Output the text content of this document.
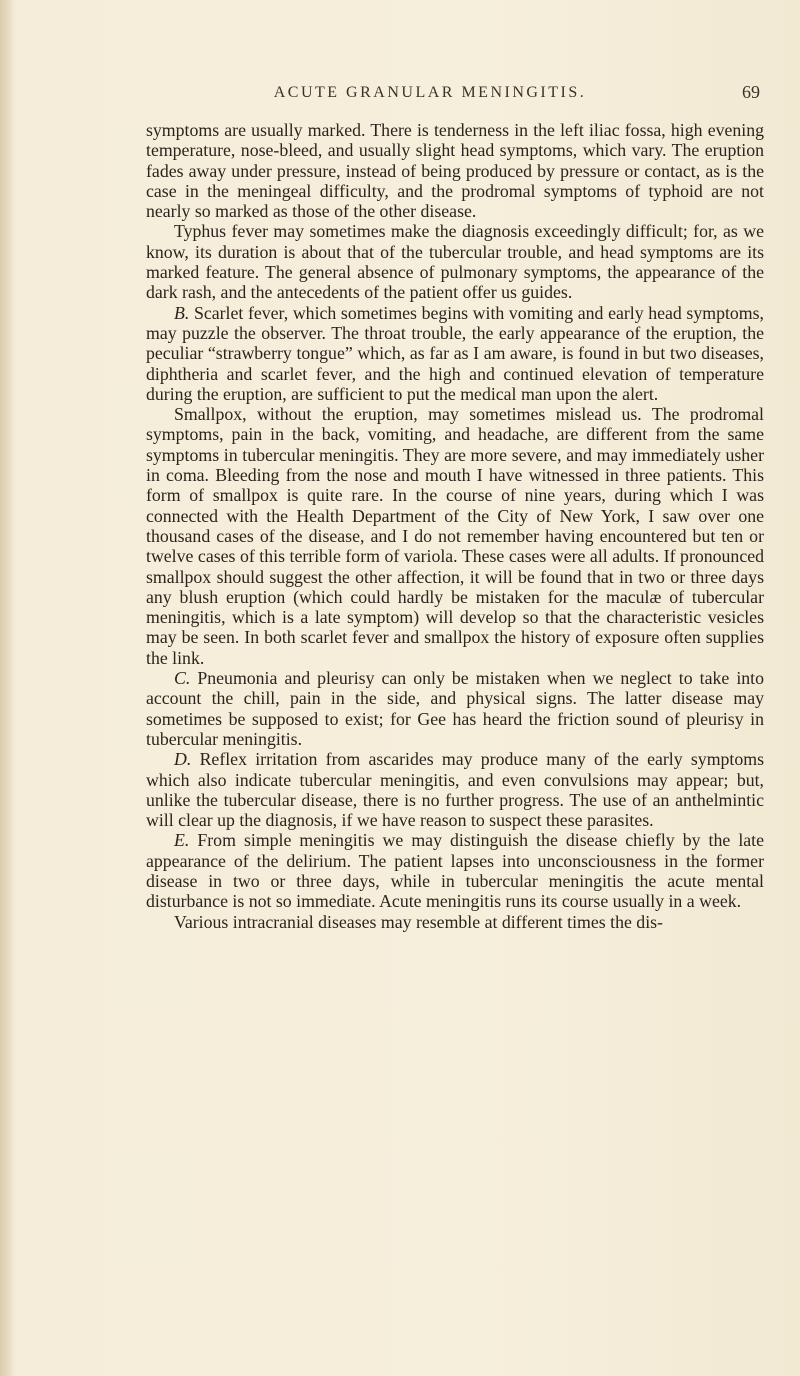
ACUTE GRANULAR MENINGITIS.	69

symptoms are usually marked. There is tenderness in the left iliac fossa, high evening temperature, nose-bleed, and usually slight head symptoms, which vary. The eruption fades away under pressure, instead of being produced by pressure or contact, as is the case in the meningeal difficulty, and the prodromal symptoms of typhoid are not nearly so marked as those of the other disease.

Typhus fever may sometimes make the diagnosis exceedingly difficult; for, as we know, its duration is about that of the tubercular trouble, and head symptoms are its marked feature. The general absence of pulmonary symptoms, the appearance of the dark rash, and the antecedents of the patient offer us guides.

B. Scarlet fever, which sometimes begins with vomiting and early head symptoms, may puzzle the observer. The throat trouble, the early appearance of the eruption, the peculiar “strawberry tongue” which, as far as I am aware, is found in but two diseases, diphtheria and scarlet fever, and the high and continued elevation of temperature during the eruption, are sufficient to put the medical man upon the alert.

Smallpox, without the eruption, may sometimes mislead us. The prodromal symptoms, pain in the back, vomiting, and headache, are different from the same symptoms in tubercular meningitis. They are more severe, and may immediately usher in coma. Bleeding from the nose and mouth I have witnessed in three patients. This form of smallpox is quite rare. In the course of nine years, during which I was connected with the Health Department of the City of New York, I saw over one thousand cases of the disease, and I do not remember having encountered but ten or twelve cases of this terrible form of variola. These cases were all adults. If pronounced smallpox should suggest the other affection, it will be found that in two or three days any blush eruption (which could hardly be mistaken for the maculæ of tubercular meningitis, which is a late symptom) will develop so that the characteristic vesicles may be seen. In both scarlet fever and smallpox the history of exposure often supplies the link.

C. Pneumonia and pleurisy can only be mistaken when we neglect to take into account the chill, pain in the side, and physical signs. The latter disease may sometimes be supposed to exist; for Gee has heard the friction sound of pleurisy in tubercular meningitis.

D. Reflex irritation from ascarides may produce many of the early symptoms which also indicate tubercular meningitis, and even convulsions may appear; but, unlike the tubercular disease, there is no further progress. The use of an anthelmintic will clear up the diagnosis, if we have reason to suspect these parasites.

E. From simple meningitis we may distinguish the disease chiefly by the late appearance of the delirium. The patient lapses into unconsciousness in the former disease in two or three days, while in tubercular meningitis the acute mental disturbance is not so immediate. Acute meningitis runs its course usually in a week.

Various intracranial diseases may resemble at different times the dis-
